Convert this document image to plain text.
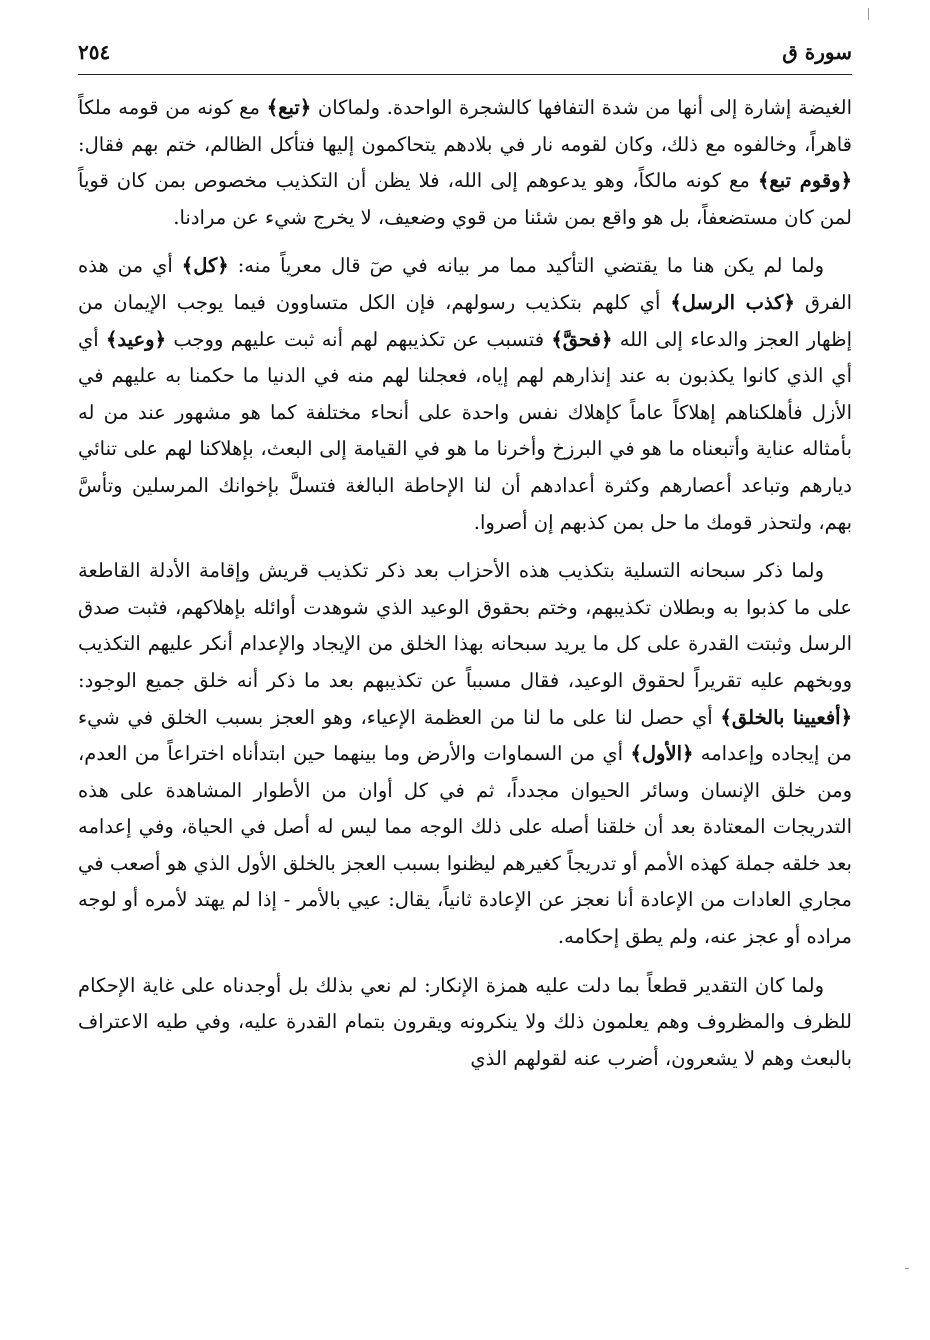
سورة ق
٢٥٤

الغيضة إشارة إلى أنها من شدة التفافها كالشجرة الواحدة. ولماكان ﴿تبع﴾ مع كونه من قومه ملكاً قاهراً، وخالفوه مع ذلك، وكان لقومه نار في بلادهم يتحاكمون إليها فتأكل الظالم، ختم بهم فقال: ﴿وقوم تبع﴾ مع كونه مالكاً، وهو يدعوهم إلى الله، فلا يظن أن التكذيب مخصوص بمن كان قوياً لمن كان مستضعفاً، بل هو واقع بمن شئنا من قوي وضعيف، لا يخرج شيء عن مرادنا.

ولما لم يكن هنا ما يقتضي التأكيد مما مر بيانه في صٓ قال معرياً منه: ﴿كل﴾ أي من هذه الفرق ﴿كذب الرسل﴾ أي كلهم بتكذيب رسولهم، فإن الكل متساوون فيما يوجب الإيمان من إظهار العجز والدعاء إلى الله ﴿فحقَّ﴾ فتسبب عن تكذيبهم لهم أنه ثبت عليهم ووجب ﴿وعيد﴾ أي أي الذي كانوا يكذبون به عند إنذارهم لهم إياه، فعجلنا لهم منه في الدنيا ما حكمنا به عليهم في الأزل فأهلكناهم إهلاكاً عاماً كإهلاك نفس واحدة على أنحاء مختلفة كما هو مشهور عند من له بأمثاله عناية وأتبعناه ما هو في البرزخ وأخرنا ما هو في القيامة إلى البعث، بإهلاكنا لهم على تنائي ديارهم وتباعد أعصارهم وكثرة أعدادهم أن لنا الإحاطة البالغة فتسلَّ بإخوانك المرسلين وتأسَّ بهم، ولتحذر قومك ما حل بمن كذبهم إن أصروا.

ولما ذكر سبحانه التسلية بتكذيب هذه الأحزاب بعد ذكر تكذيب قريش وإقامة الأدلة القاطعة على ما كذبوا به وبطلان تكذيبهم، وختم بحقوق الوعيد الذي شوهدت أوائله بإهلاكهم، فثبت صدق الرسل وثبتت القدرة على كل ما يريد سبحانه بهذا الخلق من الإيجاد والإعدام أنكر عليهم التكذيب ووبخهم عليه تقريراً لحقوق الوعيد، فقال مسبباً عن تكذيبهم بعد ما ذكر أنه خلق جميع الوجود: ﴿أفعيينا بالخلق﴾ أي حصل لنا على ما لنا من العظمة الإعياء، وهو العجز بسبب الخلق في شيء من إيجاده وإعدامه ﴿الأول﴾ أي من السماوات والأرض وما بينهما حين ابتدأناه اختراعاً من العدم، ومن خلق الإنسان وسائر الحيوان مجدداً، ثم في كل أوان من الأطوار المشاهدة على هذه التدريجات المعتادة بعد أن خلقنا أصله على ذلك الوجه مما ليس له أصل في الحياة، وفي إعدامه بعد خلقه جملة كهذه الأمم أو تدريجاً كغيرهم ليظنوا بسبب العجز بالخلق الأول الذي هو أصعب في مجاري العادات من الإعادة أنا نعجز عن الإعادة ثانياً، يقال: عيي بالأمر - إذا لم يهتد لأمره أو لوجه مراده أو عجز عنه، ولم يطق إحكامه.

ولما كان التقدير قطعاً بما دلت عليه همزة الإنكار: لم نعي بذلك بل أوجدناه على غاية الإحكام للظرف والمظروف وهم يعلمون ذلك ولا ينكرونه ويقرون بتمام القدرة عليه، وفي طيه الاعتراف بالبعث وهم لا يشعرون، أضرب عنه لقولهم الذي
